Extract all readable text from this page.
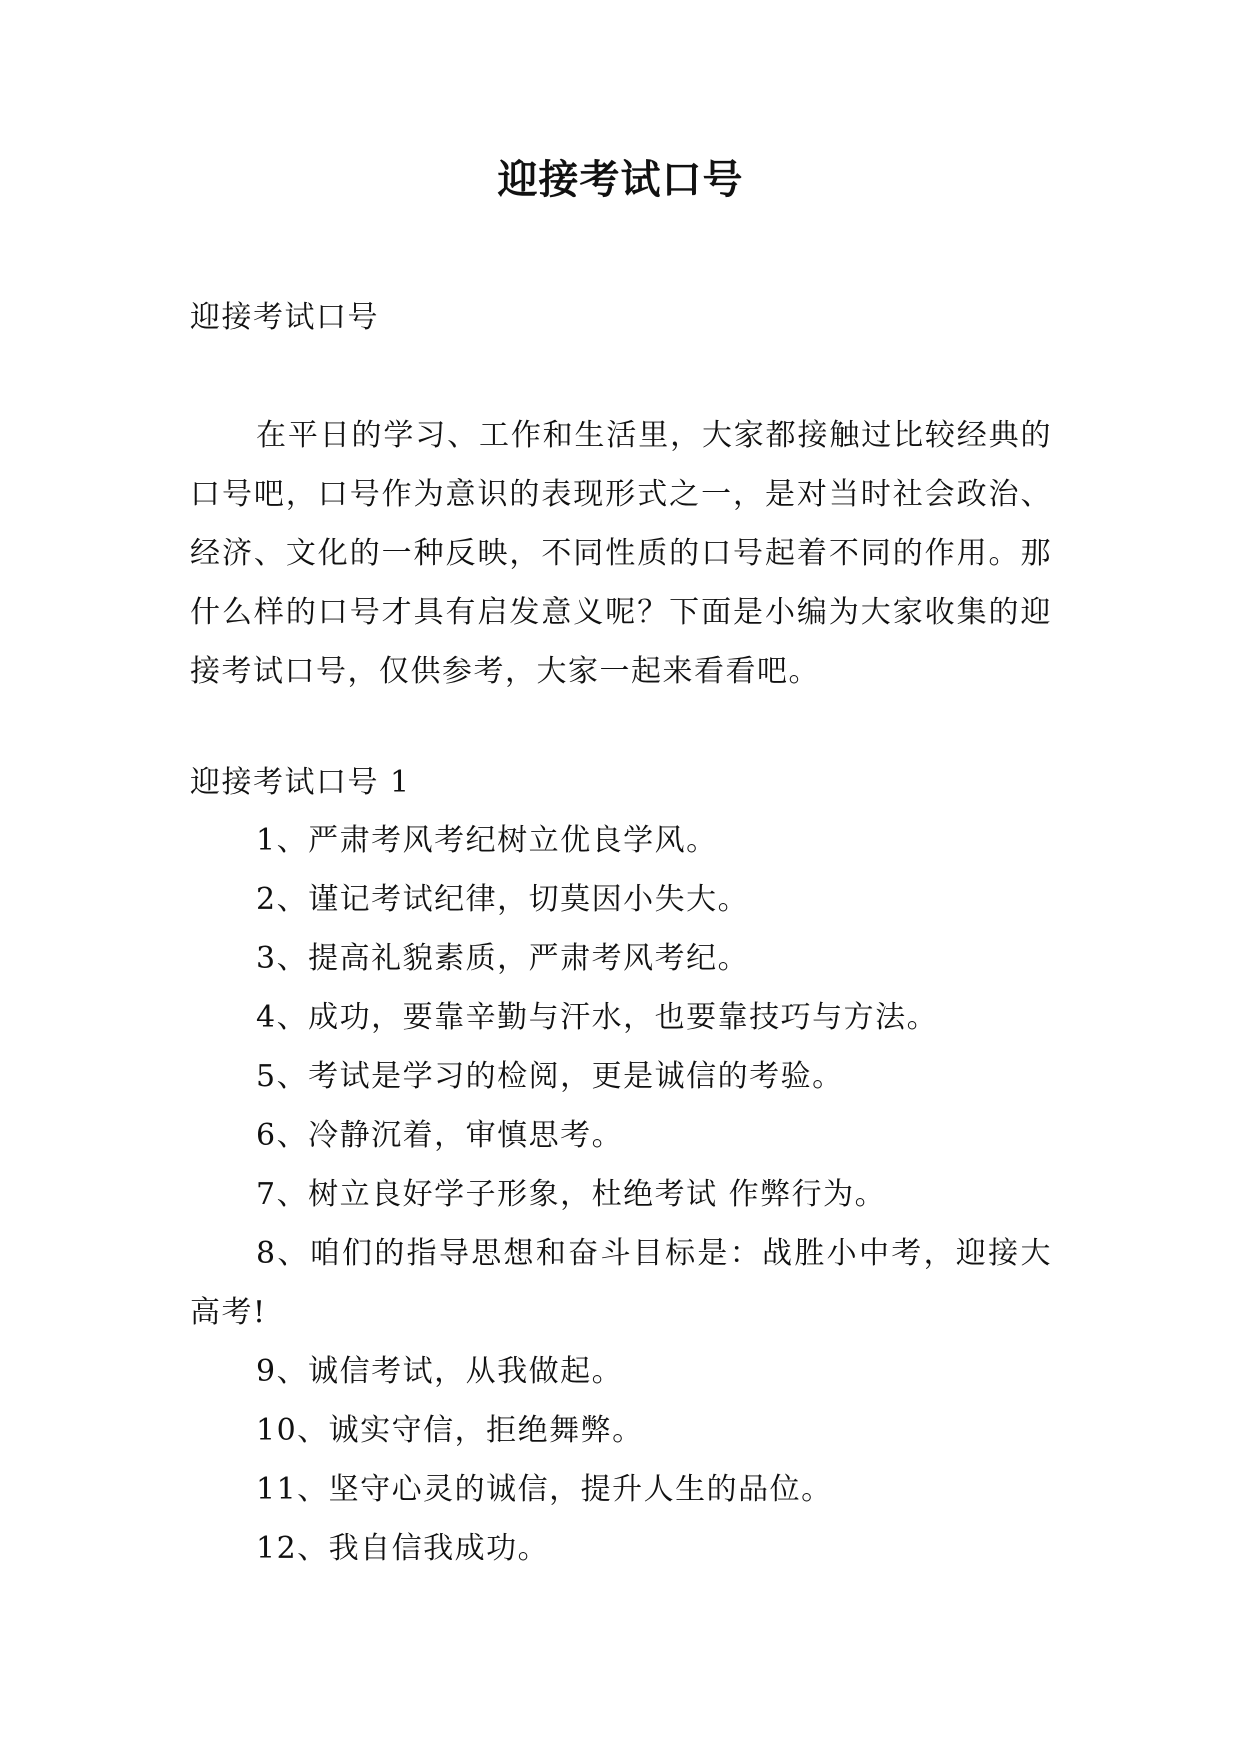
迎接考试口号

迎接考试口号

在平日的学习、工作和生活里，大家都接触过比较经典的口号吧，口号作为意识的表现形式之一，是对当时社会政治、经济、文化的一种反映，不同性质的口号起着不同的作用。那什么样的口号才具有启发意义呢？下面是小编为大家收集的迎接考试口号，仅供参考，大家一起来看看吧。

迎接考试口号 1

1、严肃考风考纪树立优良学风。
2、谨记考试纪律，切莫因小失大。
3、提高礼貌素质，严肃考风考纪。
4、成功，要靠辛勤与汗水，也要靠技巧与方法。
5、考试是学习的检阅，更是诚信的考验。
6、冷静沉着，审慎思考。
7、树立良好学子形象，杜绝考试 作弊行为。
8、咱们的指导思想和奋斗目标是：战胜小中考，迎接大高考!
9、诚信考试，从我做起。
10、诚实守信，拒绝舞弊。
11、坚守心灵的诚信，提升人生的品位。
12、我自信我成功。
